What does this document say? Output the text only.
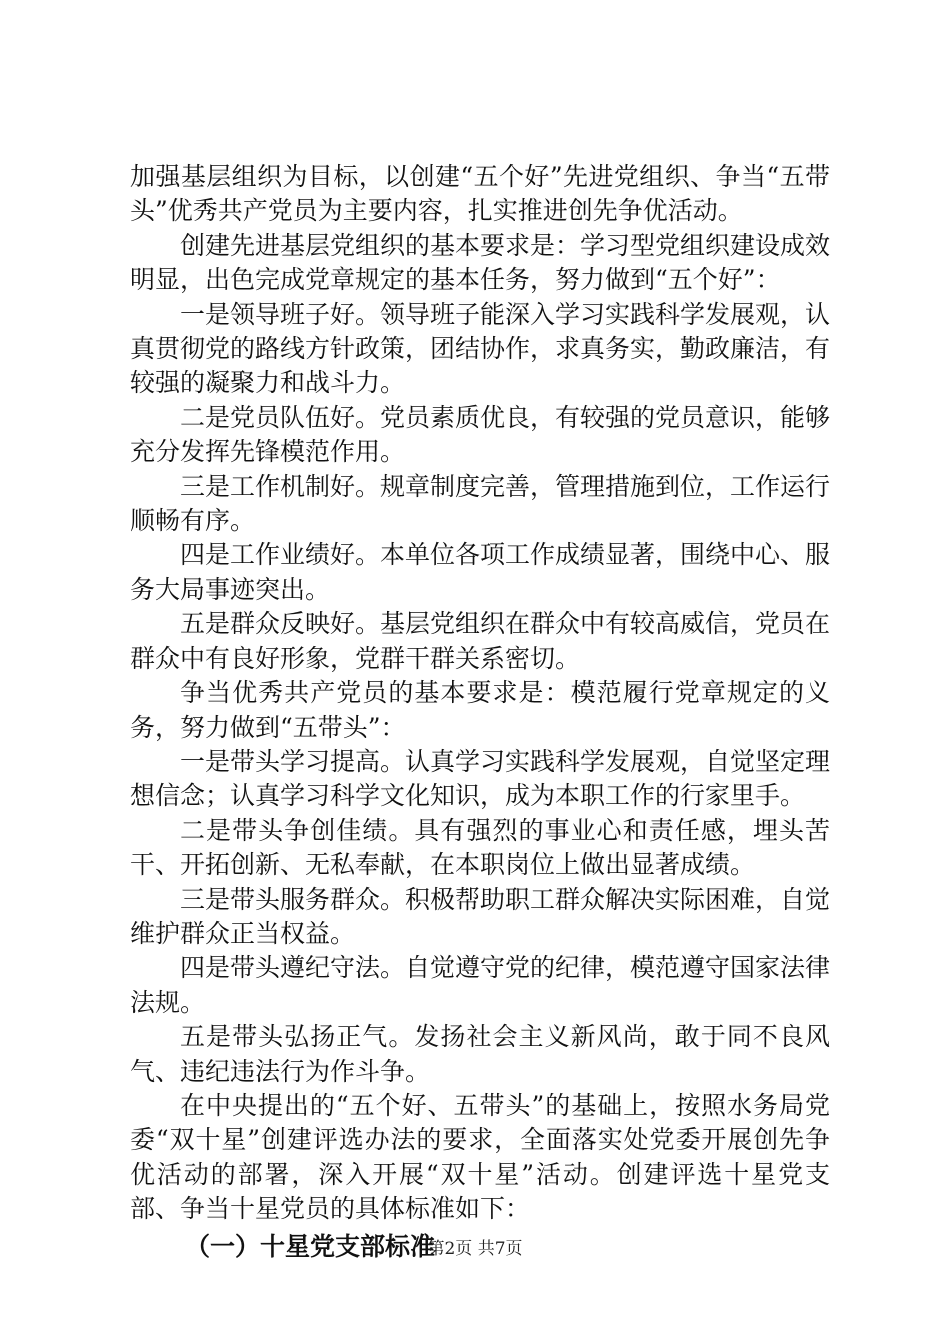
加强基层组织为目标，以创建“五个好”先进党组织、争当“五带头”优秀共产党员为主要内容，扎实推进创先争优活动。

创建先进基层党组织的基本要求是：学习型党组织建设成效明显，出色完成党章规定的基本任务，努力做到“五个好”：

一是领导班子好。领导班子能深入学习实践科学发展观，认真贯彻党的路线方针政策，团结协作，求真务实，勤政廉洁，有较强的凝聚力和战斗力。

二是党员队伍好。党员素质优良，有较强的党员意识，能够充分发挥先锋模范作用。

三是工作机制好。规章制度完善，管理措施到位，工作运行顺畅有序。

四是工作业绩好。本单位各项工作成绩显著，围绕中心、服务大局事迹突出。

五是群众反映好。基层党组织在群众中有较高威信，党员在群众中有良好形象，党群干群关系密切。

争当优秀共产党员的基本要求是：模范履行党章规定的义务，努力做到“五带头”：

一是带头学习提高。认真学习实践科学发展观，自觉坚定理想信念；认真学习科学文化知识，成为本职工作的行家里手。

二是带头争创佳绩。具有强烈的事业心和责任感，埋头苦干、开拓创新、无私奉献，在本职岗位上做出显著成绩。

三是带头服务群众。积极帮助职工群众解决实际困难，自觉维护群众正当权益。

四是带头遵纪守法。自觉遵守党的纪律，模范遵守国家法律法规。

五是带头弘扬正气。发扬社会主义新风尚，敢于同不良风气、违纪违法行为作斗争。

在中央提出的“五个好、五带头”的基础上，按照水务局党委“双十星”创建评选办法的要求，全面落实处党委开展创先争优活动的部署，深入开展“双十星”活动。创建评选十星党支部、争当十星党员的具体标准如下：

（一）十星党支部标准
第2页 共7页
